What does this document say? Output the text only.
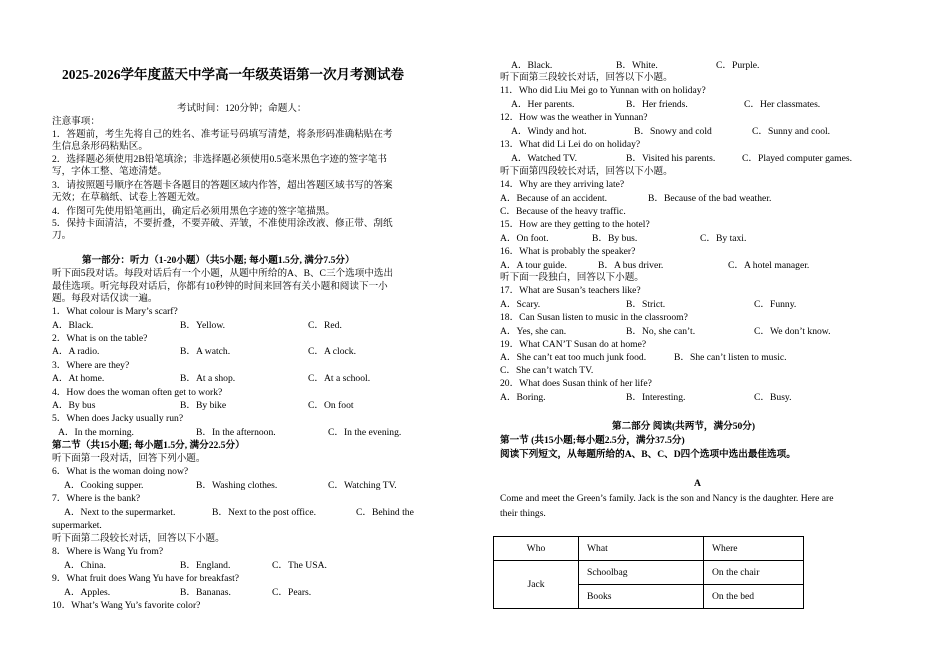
2025-2026学年度蓝天中学高一年级英语第一次月考测试卷
考试时间：120分钟；命题人：
注意事项：
1．答题前，考生先将自己的姓名、准考证号码填写清楚，将条形码准确粘贴在考
生信息条形码粘贴区。
2．选择题必须使用2B铅笔填涂；非选择题必须使用0.5毫米黑色字迹的签字笔书
写，字体工整、笔迹清楚。
3．请按照题号顺序在答题卡各题目的答题区域内作答，超出答题区域书写的答案
无效；在草稿纸、试卷上答题无效。
4．作图可先使用铅笔画出，确定后必须用黑色字迹的签字笔描黑。
5．保持卡面清洁，不要折叠，不要弄破、弄皱，不准使用涂改液、修正带、刮纸
刀。
第一部分：听力（1-20小题）（共5小题; 每小题1.5分, 满分7.5分）
听下面5段对话。每段对话后有一个小题，从题中所给的A、B、C三个选项中选出
最佳选项。听完每段对话后，你都有10秒钟的时间来回答有关小题和阅读下一小
题。每段对话仅读一遍。
1．What colour is Mary’s scarf?
A．Black.	B．Yellow.	C．Red.
2．What is on the table?
A．A radio.	B．A watch.	C．A clock.
3．Where are they?
A．At home.	B．At a shop.	C．At a school.
4．How does the woman often get to work?
A．By bus	B．By bike	C．On foot
5．When does Jacky usually run?
A．In the morning.	B．In the afternoon.	C．In the evening.
第二节（共15小题; 每小题1.5分, 满分22.5分）
听下面第一段对话，回答下列小题。
6．What is the woman doing now?
A．Cooking supper.	B．Washing clothes.	C．Watching TV.
7．Where is the bank?
A．Next to the supermarket.	B．Next to the post office.	C．Behind the
supermarket.
听下面第二段较长对话，回答以下小题。
8．Where is Wang Yu from?
A．China.	B．England.	C．The USA.
9．What fruit does Wang Yu have for breakfast?
A．Apples.	B．Bananas.	C．Pears.
10．What’s Wang Yu’s favorite color?
A．Black.	B．White.	C．Purple.
听下面第三段较长对话，回答以下小题。
11．Who did Liu Mei go to Yunnan with on holiday?
A．Her parents.	B．Her friends.	C．Her classmates.
12．How was the weather in Yunnan?
A．Windy and hot.	B．Snowy and cold	C．Sunny and cool.
13．What did Li Lei do on holiday?
A．Watched TV.	B．Visited his parents.	C．Played computer games.
听下面第四段较长对话，回答以下小题。
14．Why are they arriving late?
A．Because of an accident.	B．Because of the bad weather.
C．Because of the heavy traffic.
15．How are they getting to the hotel?
A．On foot.	B．By bus.	C．By taxi.
16．What is probably the speaker?
A．A tour guide.	B．A bus driver.	C．A hotel manager.
听下面一段独白，回答以下小题。
17．What are Susan’s teachers like?
A．Scary.	B．Strict.	C．Funny.
18．Can Susan listen to music in the classroom?
A．Yes, she can.	B．No, she can’t.	C．We don’t know.
19．What CAN’T Susan do at home?
A．She can’t eat too much junk food.	B．She can’t listen to music.
C．She can’t watch TV.
20．What does Susan think of her life?
A．Boring.	B．Interesting.	C．Busy.
第二部分 阅读(共两节，满分50分)
第一节 (共15小题;每小题2.5分，满分37.5分)
阅读下列短文，从每题所给的A、B、C、D四个选项中选出最佳选项。
A
Come and meet the Green’s family. Jack is the son and Nancy is the daughter. Here are
their things.
Who	What	Where
Jack	Schoolbag	On the chair
	Books	On the bed
